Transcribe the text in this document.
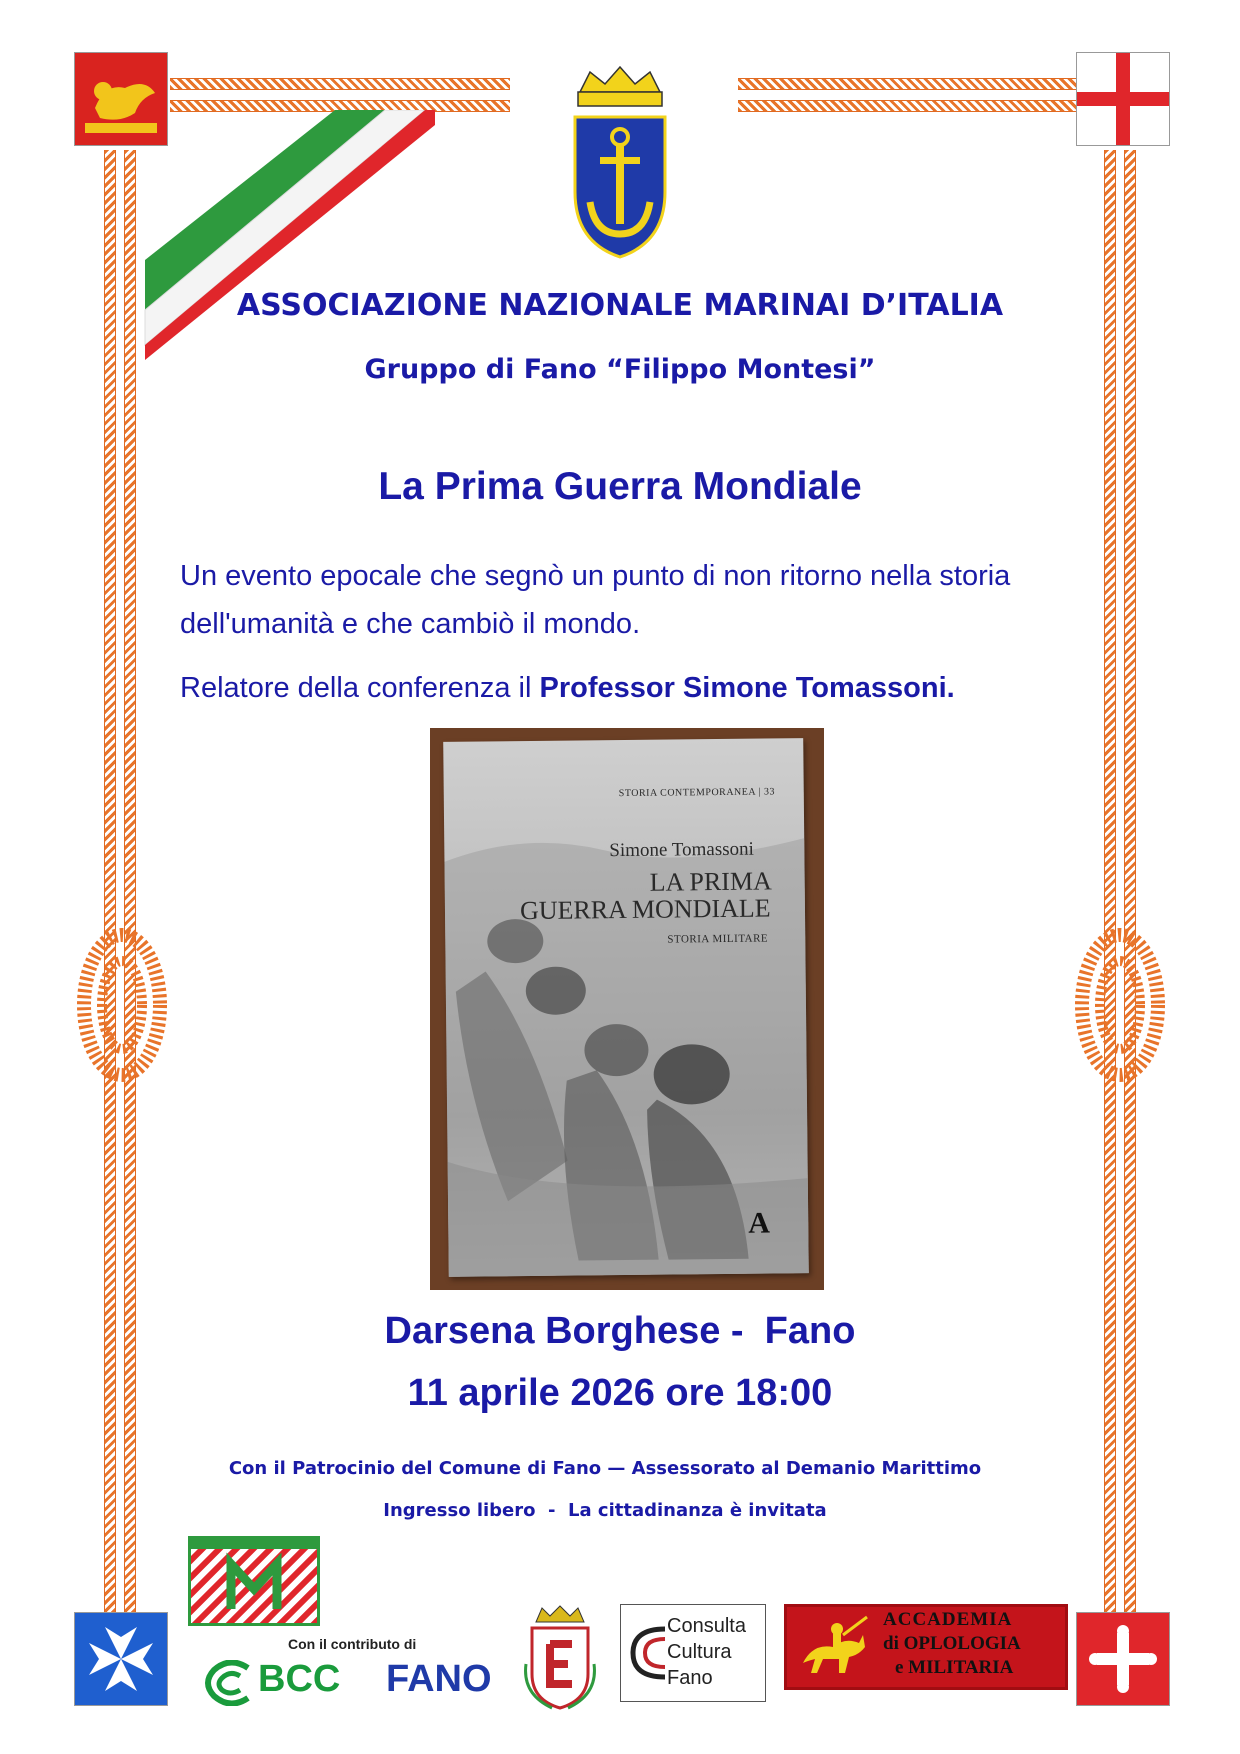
ASSOCIAZIONE NAZIONALE MARINAI D’ITALIA
Gruppo di Fano “Filippo Montesi”
La Prima Guerra Mondiale
Un evento epocale che segnò un punto di non ritorno nella storia
dell'umanità e che cambiò il mondo.
Relatore della conferenza il Professor Simone Tomassoni.
STORIA CONTEMPORANEA | 33
Simone Tomassoni
LA PRIMA
GUERRA MONDIALE
STORIA MILITARE
A
Darsena Borghese -  Fano
11 aprile 2026 ore 18:00
Con il Patrocinio del Comune di Fano — Assessorato al Demanio Marittimo
Ingresso libero  -  La cittadinanza è invitata
Con il contributo di
BCC FANO
Consulta
Cultura
Fano
ACCADEMIA
di OPLOLOGIA
e MILITARIA
